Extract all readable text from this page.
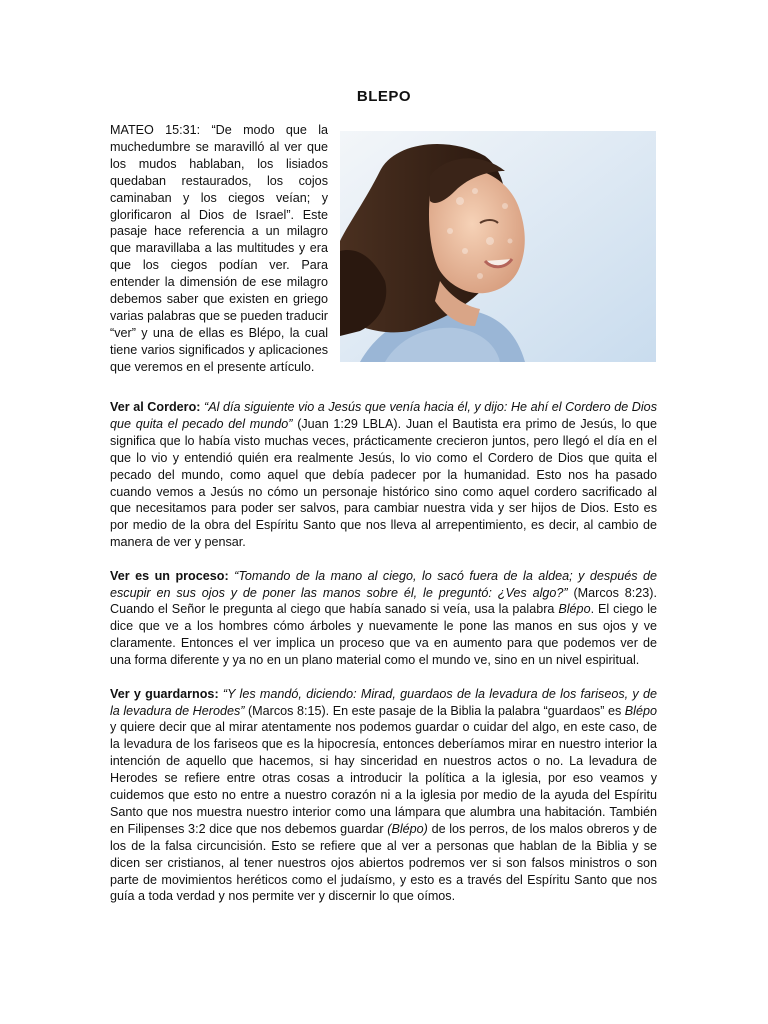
BLEPO
MATEO 15:31: “De modo que la muchedumbre se maravilló al ver que los mudos hablaban, los lisiados quedaban restaurados, los cojos caminaban y los ciegos veían; y glorificaron al Dios de Israel”. Este pasaje hace referencia a un milagro que maravillaba a las multitudes y era que los ciegos podían ver. Para entender la dimensión de ese milagro debemos saber que existen en griego varias palabras que se pueden traducir “ver” y una de ellas es Blépo, la cual tiene varios significados y aplicaciones que veremos en el presente artículo.

Ver al Cordero: “Al día siguiente vio a Jesús que venía hacia él, y dijo: He ahí el Cordero de Dios que quita el pecado del mundo” (Juan 1:29 LBLA). Juan el Bautista era primo de Jesús, lo que significa que lo había visto muchas veces, prácticamente crecieron juntos, pero llegó el día en el que lo vio y entendió quién era realmente Jesús, lo vio como el Cordero de Dios que quita el pecado del mundo, como aquel que debía padecer por la humanidad. Esto nos ha pasado cuando vemos a Jesús no cómo un personaje histórico sino como aquel cordero sacrificado al que necesitamos para poder ser salvos, para cambiar nuestra vida y ser hijos de Dios. Esto es por medio de la obra del Espíritu Santo que nos lleva al arrepentimiento, es decir, al cambio de manera de ver y pensar.

Ver es un proceso: “Tomando de la mano al ciego, lo sacó fuera de la aldea; y después de escupir en sus ojos y de poner las manos sobre él, le preguntó: ¿Ves algo?” (Marcos 8:23). Cuando el Señor le pregunta al ciego que había sanado si veía, usa la palabra Blépo. El ciego le dice que ve a los hombres cómo árboles y nuevamente le pone las manos en sus ojos y ve claramente. Entonces el ver implica un proceso que va en aumento para que podemos ver de una forma diferente y ya no en un plano material como el mundo ve, sino en un nivel espiritual.

Ver y guardarnos: “Y les mandó, diciendo: Mirad, guardaos de la levadura de los fariseos, y de la levadura de Herodes” (Marcos 8:15). En este pasaje de la Biblia la palabra “guardaos” es Blépo y quiere decir que al mirar atentamente nos podemos guardar o cuidar del algo, en este caso, de la levadura de los fariseos que es la hipocresía, entonces deberíamos mirar en nuestro interior la intención de aquello que hacemos, si hay sinceridad en nuestros actos o no. La levadura de Herodes se refiere entre otras cosas a introducir la política a la iglesia, por eso veamos y cuidemos que esto no entre a nuestro corazón ni a la iglesia por medio de la ayuda del Espíritu Santo que nos muestra nuestro interior como una lámpara que alumbra una habitación. También en Filipenses 3:2 dice que nos debemos guardar (Blépo) de los perros, de los malos obreros y de los de la falsa circuncisión. Esto se refiere que al ver a personas que hablan de la Biblia y se dicen ser cristianos, al tener nuestros ojos abiertos podremos ver si son falsos ministros o son parte de movimientos heréticos como el judaísmo, y esto es a través del Espíritu Santo que nos guía a toda verdad y nos permite ver y discernir lo que oímos.
